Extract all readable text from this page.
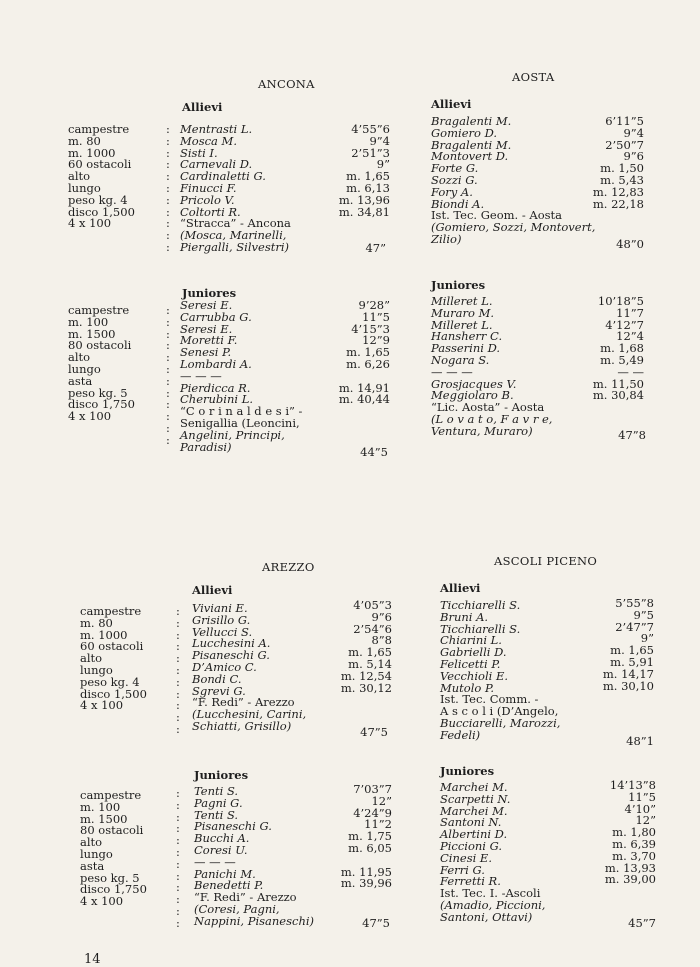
ANCONA
Allievi
campestre
m. 80
m. 1000
60 ostacoli
alto
lungo
peso kg. 4
disco 1,500
4 x 100
:
:
:
:
:
:
:
:
:
:
:
Mentrasti L.
Mosca M.
Sisti I.
Carnevali D.
Cardinaletti G.
Finucci F.
Pricolo V.
Coltorti R.
“Stracca” - Ancona
(Mosca, Marinelli,
Piergalli, Silvestri)
4’55”6
9”4
2’51”3
9”
m. 1,65
m. 6,13
m. 13,96
m. 34,81
47”
Juniores
campestre
m. 100
m. 1500
80 ostacoli
alto
lungo
asta
peso kg. 5
disco 1,750
4 x 100
:
:
:
:
:
:
:
:
:
:
:
:
Seresi E.
Carrubba G.
Seresi E.
Moretti F.
Senesi P.
Lombardi A.
— — —
Pierdicca R.
Cherubini L.
“C o r i n a l d e s i” -
Senigallia (Leoncini,
Angelini, Principi,
Paradisi)
9’28”
11”5
4’15”3
12”9
m. 1,65
m. 6,26
m. 14,91
m. 40,44
44”5
AOSTA
Allievi
Bragalenti M.
Gomiero D.
Bragalenti M.
Montovert D.
Forte G.
Sozzi G.
Fory A.
Biondi A.
Ist. Tec. Geom. - Aosta
(Gomiero, Sozzi, Montovert,
Zilio)
6’11”5
9”4
2’50”7
9”6
m. 1,50
m. 5,43
m. 12,83
m. 22,18
48”0
Juniores
Milleret L.
Muraro M.
Milleret L.
Hansherr C.
Passerini D.
Nogara S.
— — —
Grosjacques V.
Meggiolaro B.
“Lic. Aosta” - Aosta
(L o v a t o, F a v r e,
Ventura, Muraro)
10’18”5
11”7
4’12”7
12”4
m. 1,68
m. 5,49
— —
m. 11,50
m. 30,84
47”8
AREZZO
Allievi
campestre
m. 80
m. 1000
60 ostacoli
alto
lungo
peso kg. 4
disco 1,500
4 x 100
:
:
:
:
:
:
:
:
:
:
:
Viviani E.
Grisillo G.
Vellucci S.
Lucchesini A.
Pisaneschi G.
D’Amico C.
Bondi C.
Sgrevi G.
“F. Redi” - Arezzo
(Lucchesini, Carini,
Schiatti, Grisillo)
4’05”3
9”6
2’54”6
8”8
m. 1,65
m. 5,14
m. 12,54
m. 30,12
47”5
Juniores
campestre
m. 100
m. 1500
80 ostacoli
alto
lungo
asta
peso kg. 5
disco 1,750
4 x 100
:
:
:
:
:
:
:
:
:
:
:
:
Tenti S.
Pagni G.
Tenti S.
Pisaneschi G.
Bucchi A.
Coresi U.
— — —
Panichi M.
Benedetti P.
“F. Redi” - Arezzo
(Coresi, Pagni,
Nappini, Pisaneschi)
7’03”7
12”
4’24”9
11”2
m. 1,75
m. 6,05
m. 11,95
m. 39,96
47”5
ASCOLI PICENO
Allievi
Ticchiarelli S.
Bruni A.
Ticchiarelli S.
Chiarini L.
Gabrielli D.
Felicetti P.
Vecchioli E.
Mutolo P.
Ist. Tec. Comm. -
A s c o l i (D’Angelo,
Bucciarelli, Marozzi,
Fedeli)
5’55”8
9”5
2’47”7
9”
m. 1,65
m. 5,91
m. 14,17
m. 30,10
48”1
Juniores
Marchei M.
Scarpetti N.
Marchei M.
Santoni N.
Albertini D.
Piccioni G.
Cinesi E.
Ferri G.
Ferretti R.
Ist. Tec. I. -Ascoli
(Amadio, Piccioni,
Santoni, Ottavi)
14’13”8
11”5
4’10”
12”
m. 1,80
m. 6,39
m. 3,70
m. 13,93
m. 39,00
45”7
14
